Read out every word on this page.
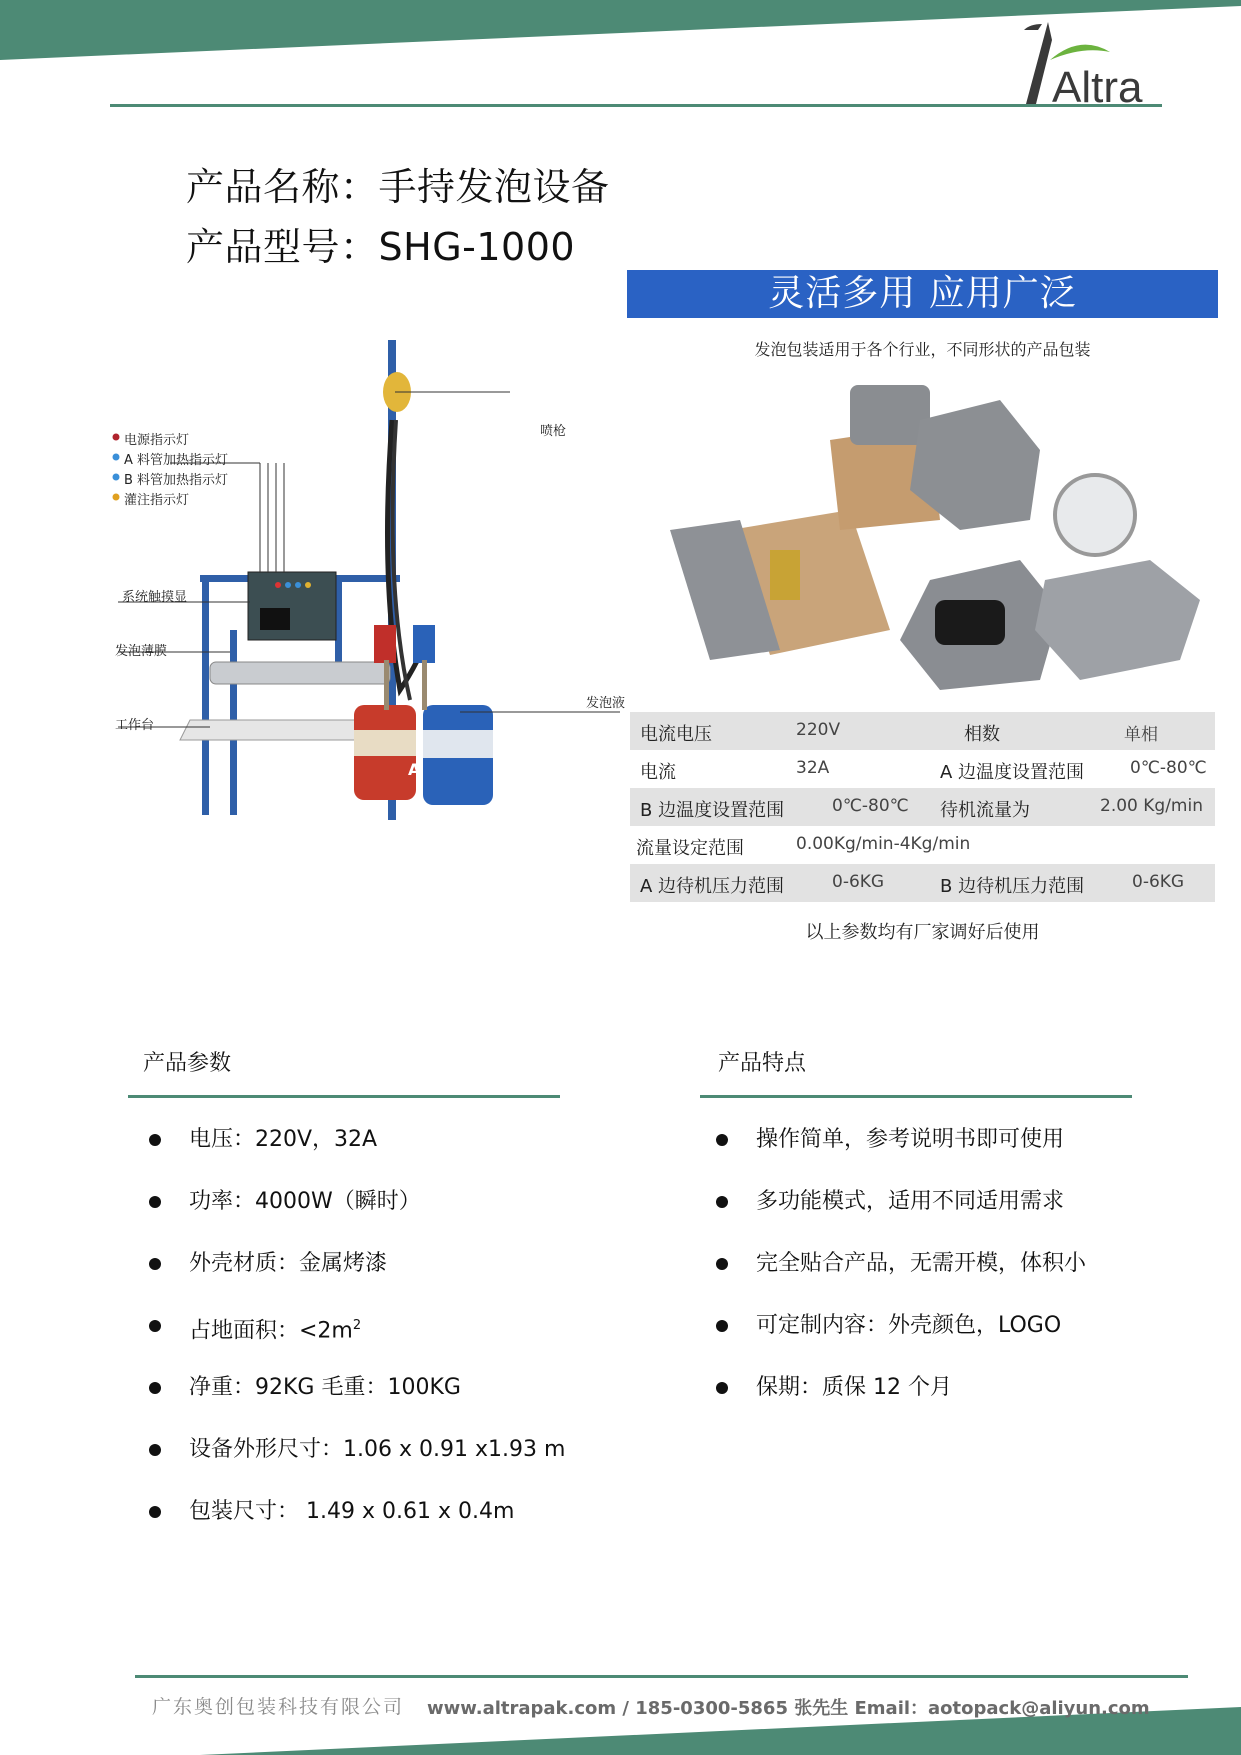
Altra
产品名称：手持发泡设备
产品型号：SHG-1000
电源指示灯
A 料管加热指示灯
B 料管加热指示灯
灌注指示灯
喷枪
系统触摸显
发泡薄膜
工作台
发泡液
A	B
A	B
灵活多用 应用广泛
发泡包装适用于各个行业，不同形状的产品包装
电流电压	220V	相数	单相
电流	32A	A 边温度设置范围	0℃-80℃
B 边温度设置范围	0℃-80℃ 待机流量为	2.00 Kg/min
流量设定范围	0.00Kg/min-4Kg/min
A 边待机压力范围	0-6KG	B 边待机压力范围	0-6KG
以上参数均有厂家调好后使用
产品参数
电压：220V，32A
功率：4000W（瞬时）
外壳材质：金属烤漆
占地面积：$<2m^2$
净重：92KG 毛重：100KG
设备外形尺寸：1.06 x 0.91 x1.93 m
包装尺寸： 1.49 x 0.61 x 0.4m
产品特点
操作简单，参考说明书即可使用
多功能模式，适用不同适用需求
完全贴合产品，无需开模，体积小
可定制内容：外壳颜色，LOGO
保期：质保 12 个月
广东奥创包装科技有限公司 www.altrapak.com / 185-0300-5865 张先生 Email：aotopack@aliyun.com
